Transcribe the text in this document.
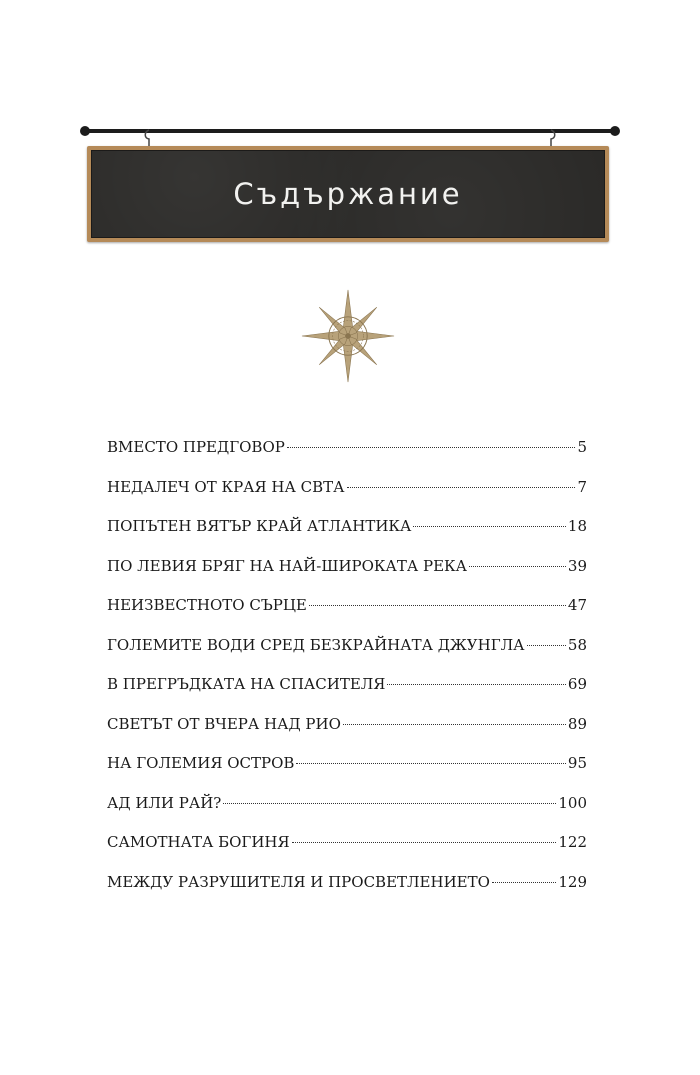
Съдържание
ВМЕСТО ПРЕДГОВОР	5
НЕДАЛЕЧ ОТ КРАЯ НА СВТА	7
ПОПЪТЕН ВЯТЪР КРАЙ АТЛАНТИКА	18
ПО ЛЕВИЯ БРЯГ НА НАЙ-ШИРОКАТА РЕКА	39
НЕИЗВЕСТНОТО СЪРЦЕ	47
ГОЛЕМИТЕ ВОДИ СРЕД БЕЗКРАЙНАТА ДЖУНГЛА	58
В ПРЕГРЪДКАТА НА СПАСИТЕЛЯ	69
СВЕТЪТ ОТ ВЧЕРА НАД РИО	89
НА ГОЛЕМИЯ ОСТРОВ	95
АД ИЛИ РАЙ?	100
САМОТНАТА БОГИНЯ	122
МЕЖДУ РАЗРУШИТЕЛЯ И ПРОСВЕТЛЕНИЕТО	129
